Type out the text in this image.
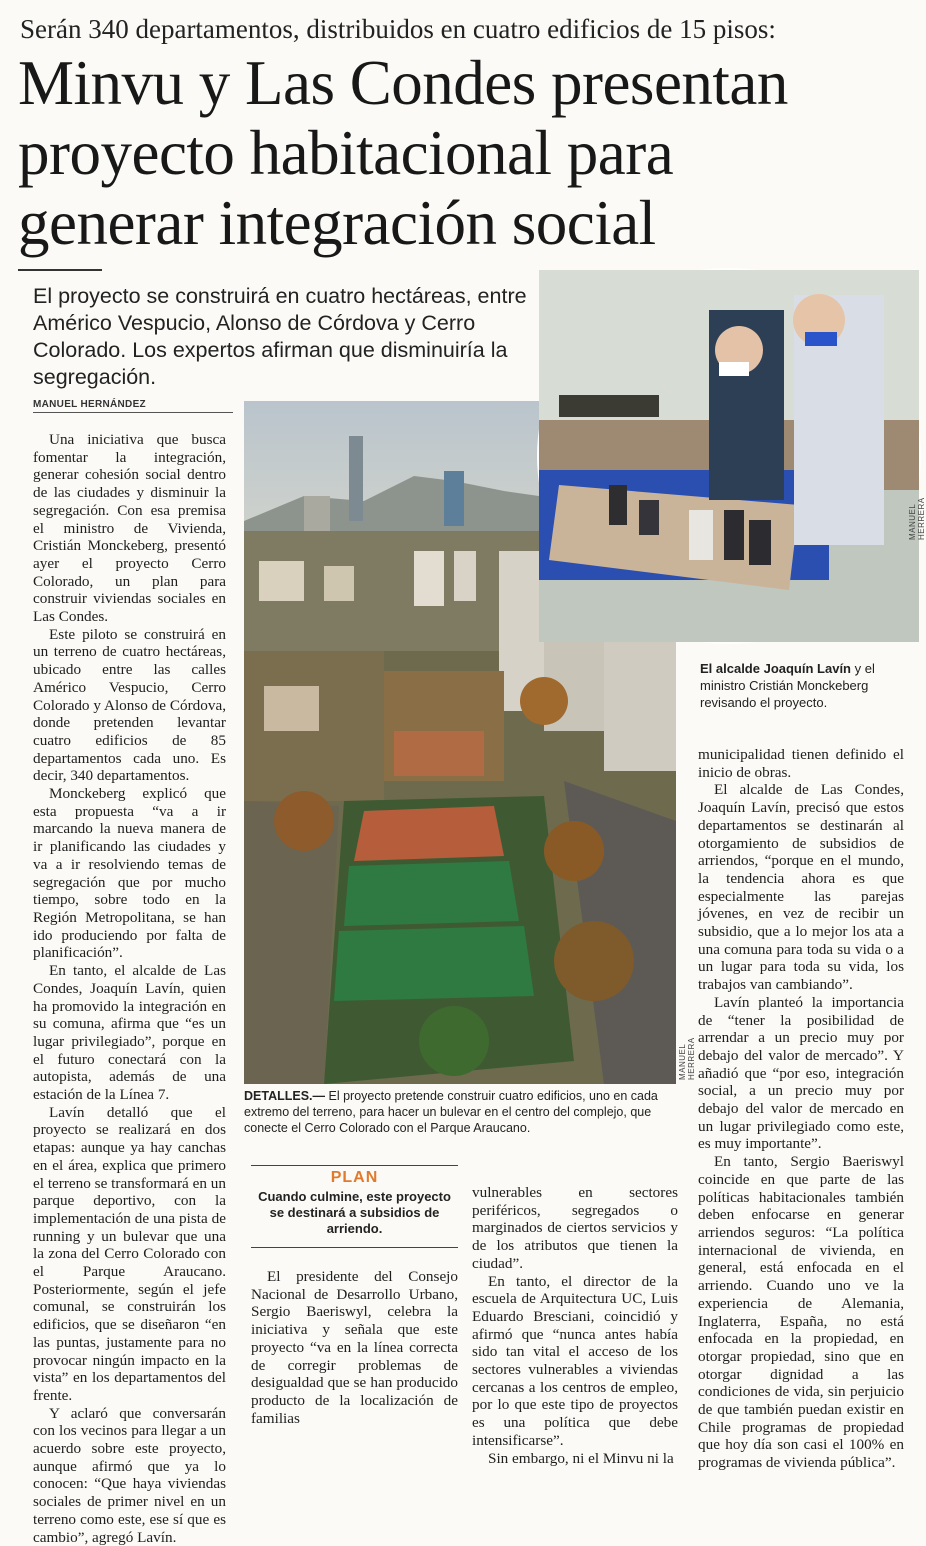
Serán 340 departamentos, distribuidos en cuatro edificios de 15 pisos:
Minvu y Las Condes presentan
proyecto habitacional para
generar integración social
El proyecto se construirá en cuatro hectáreas, entre Américo Vespucio, Alonso de Córdova y Cerro Colorado. Los expertos afirman que disminuiría la segregación.
MANUEL HERNÁNDEZ

Una iniciativa que busca fomentar la integración, generar cohesión social dentro de las ciudades y disminuir la segregación. Con esa premisa el ministro de Vivienda, Cristián Monckeberg, presentó ayer el proyecto Cerro Colorado, un plan para construir viviendas sociales en Las Condes.

Este piloto se construirá en un terreno de cuatro hectáreas, ubicado entre las calles Américo Vespucio, Cerro Colorado y Alonso de Córdova, donde pretenden levantar cuatro edificios de 85 departamentos cada uno. Es decir, 340 departamentos.

Monckeberg explicó que esta propuesta “va a ir marcando la nueva manera de ir planificando las ciudades y va a ir resolviendo temas de segregación que por mucho tiempo, sobre todo en la Región Metropolitana, se han ido produciendo por falta de planificación”.

En tanto, el alcalde de Las Condes, Joaquín Lavín, quien ha promovido la integración en su comuna, afirma que “es un lugar privilegiado”, porque en el futuro conectará con la autopista, además de una estación de la Línea 7.

Lavín detalló que el proyecto se realizará en dos etapas: aunque ya hay canchas en el área, explica que primero el terreno se transformará en un parque deportivo, con la implementación de una pista de running y un bulevar que una la zona del Cerro Colorado con el Parque Araucano. Posteriormente, según el jefe comunal, se construirán los edificios, que se diseñaron “en las puntas, justamente para no provocar ningún impacto en la vista” en los departamentos del frente.

Y aclaró que conversarán con los vecinos para llegar a un acuerdo sobre este proyecto, aunque afirmó que ya lo conocen: “Que haya viviendas sociales de primer nivel en un terreno como este, ese sí que es cambio”, agregó Lavín.

MANUEL HERRERA
MANUEL HERRERA
El alcalde Joaquín Lavín y el ministro Cristián Monckeberg revisando el proyecto.
DETALLES.— El proyecto pretende construir cuatro edificios, uno en cada extremo del terreno, para hacer un bulevar en el centro del complejo, que conecte el Cerro Colorado con el Parque Araucano.
PLAN
Cuando culmine, este proyecto se destinará a subsidios de arriendo.

El presidente del Consejo Nacional de Desarrollo Urbano, Sergio Baeriswyl, celebra la iniciativa y señala que este proyecto “va en la línea correcta de corregir problemas de desigualdad que se han producido producto de la localización de familias

vulnerables en sectores periféricos, segregados o marginados de ciertos servicios y de los atributos que tienen la ciudad”.

En tanto, el director de la escuela de Arquitectura UC, Luis Eduardo Bresciani, coincidió y afirmó que “nunca antes había sido tan vital el acceso de los sectores vulnerables a viviendas cercanas a los centros de empleo, por lo que este tipo de proyectos es una política que debe intensificarse”.

Sin embargo, ni el Minvu ni la

municipalidad tienen definido el inicio de obras.

El alcalde de Las Condes, Joaquín Lavín, precisó que estos departamentos se destinarán al otorgamiento de subsidios de arriendos, “porque en el mundo, la tendencia ahora es que especialmente las parejas jóvenes, en vez de recibir un subsidio, que a lo mejor los ata a una comuna para toda su vida o a un lugar para toda su vida, los trabajos van cambiando”.

Lavín planteó la importancia de “tener la posibilidad de arrendar a un precio muy por debajo del valor de mercado”. Y añadió que “por eso, integración social, a un precio muy por debajo del valor de mercado en un lugar privilegiado como este, es muy importante”.

En tanto, Sergio Baeriswyl coincide en que parte de las políticas habitacionales también deben enfocarse en generar arriendos seguros: “La política internacional de vivienda, en general, está enfocada en el arriendo. Cuando uno ve la experiencia de Alemania, Inglaterra, España, no está enfocada en la propiedad, en otorgar propiedad, sino que en otorgar dignidad a las condiciones de vida, sin perjuicio de que también puedan existir en Chile programas de propiedad que hoy día son casi el 100% en programas de vivienda pública”.
